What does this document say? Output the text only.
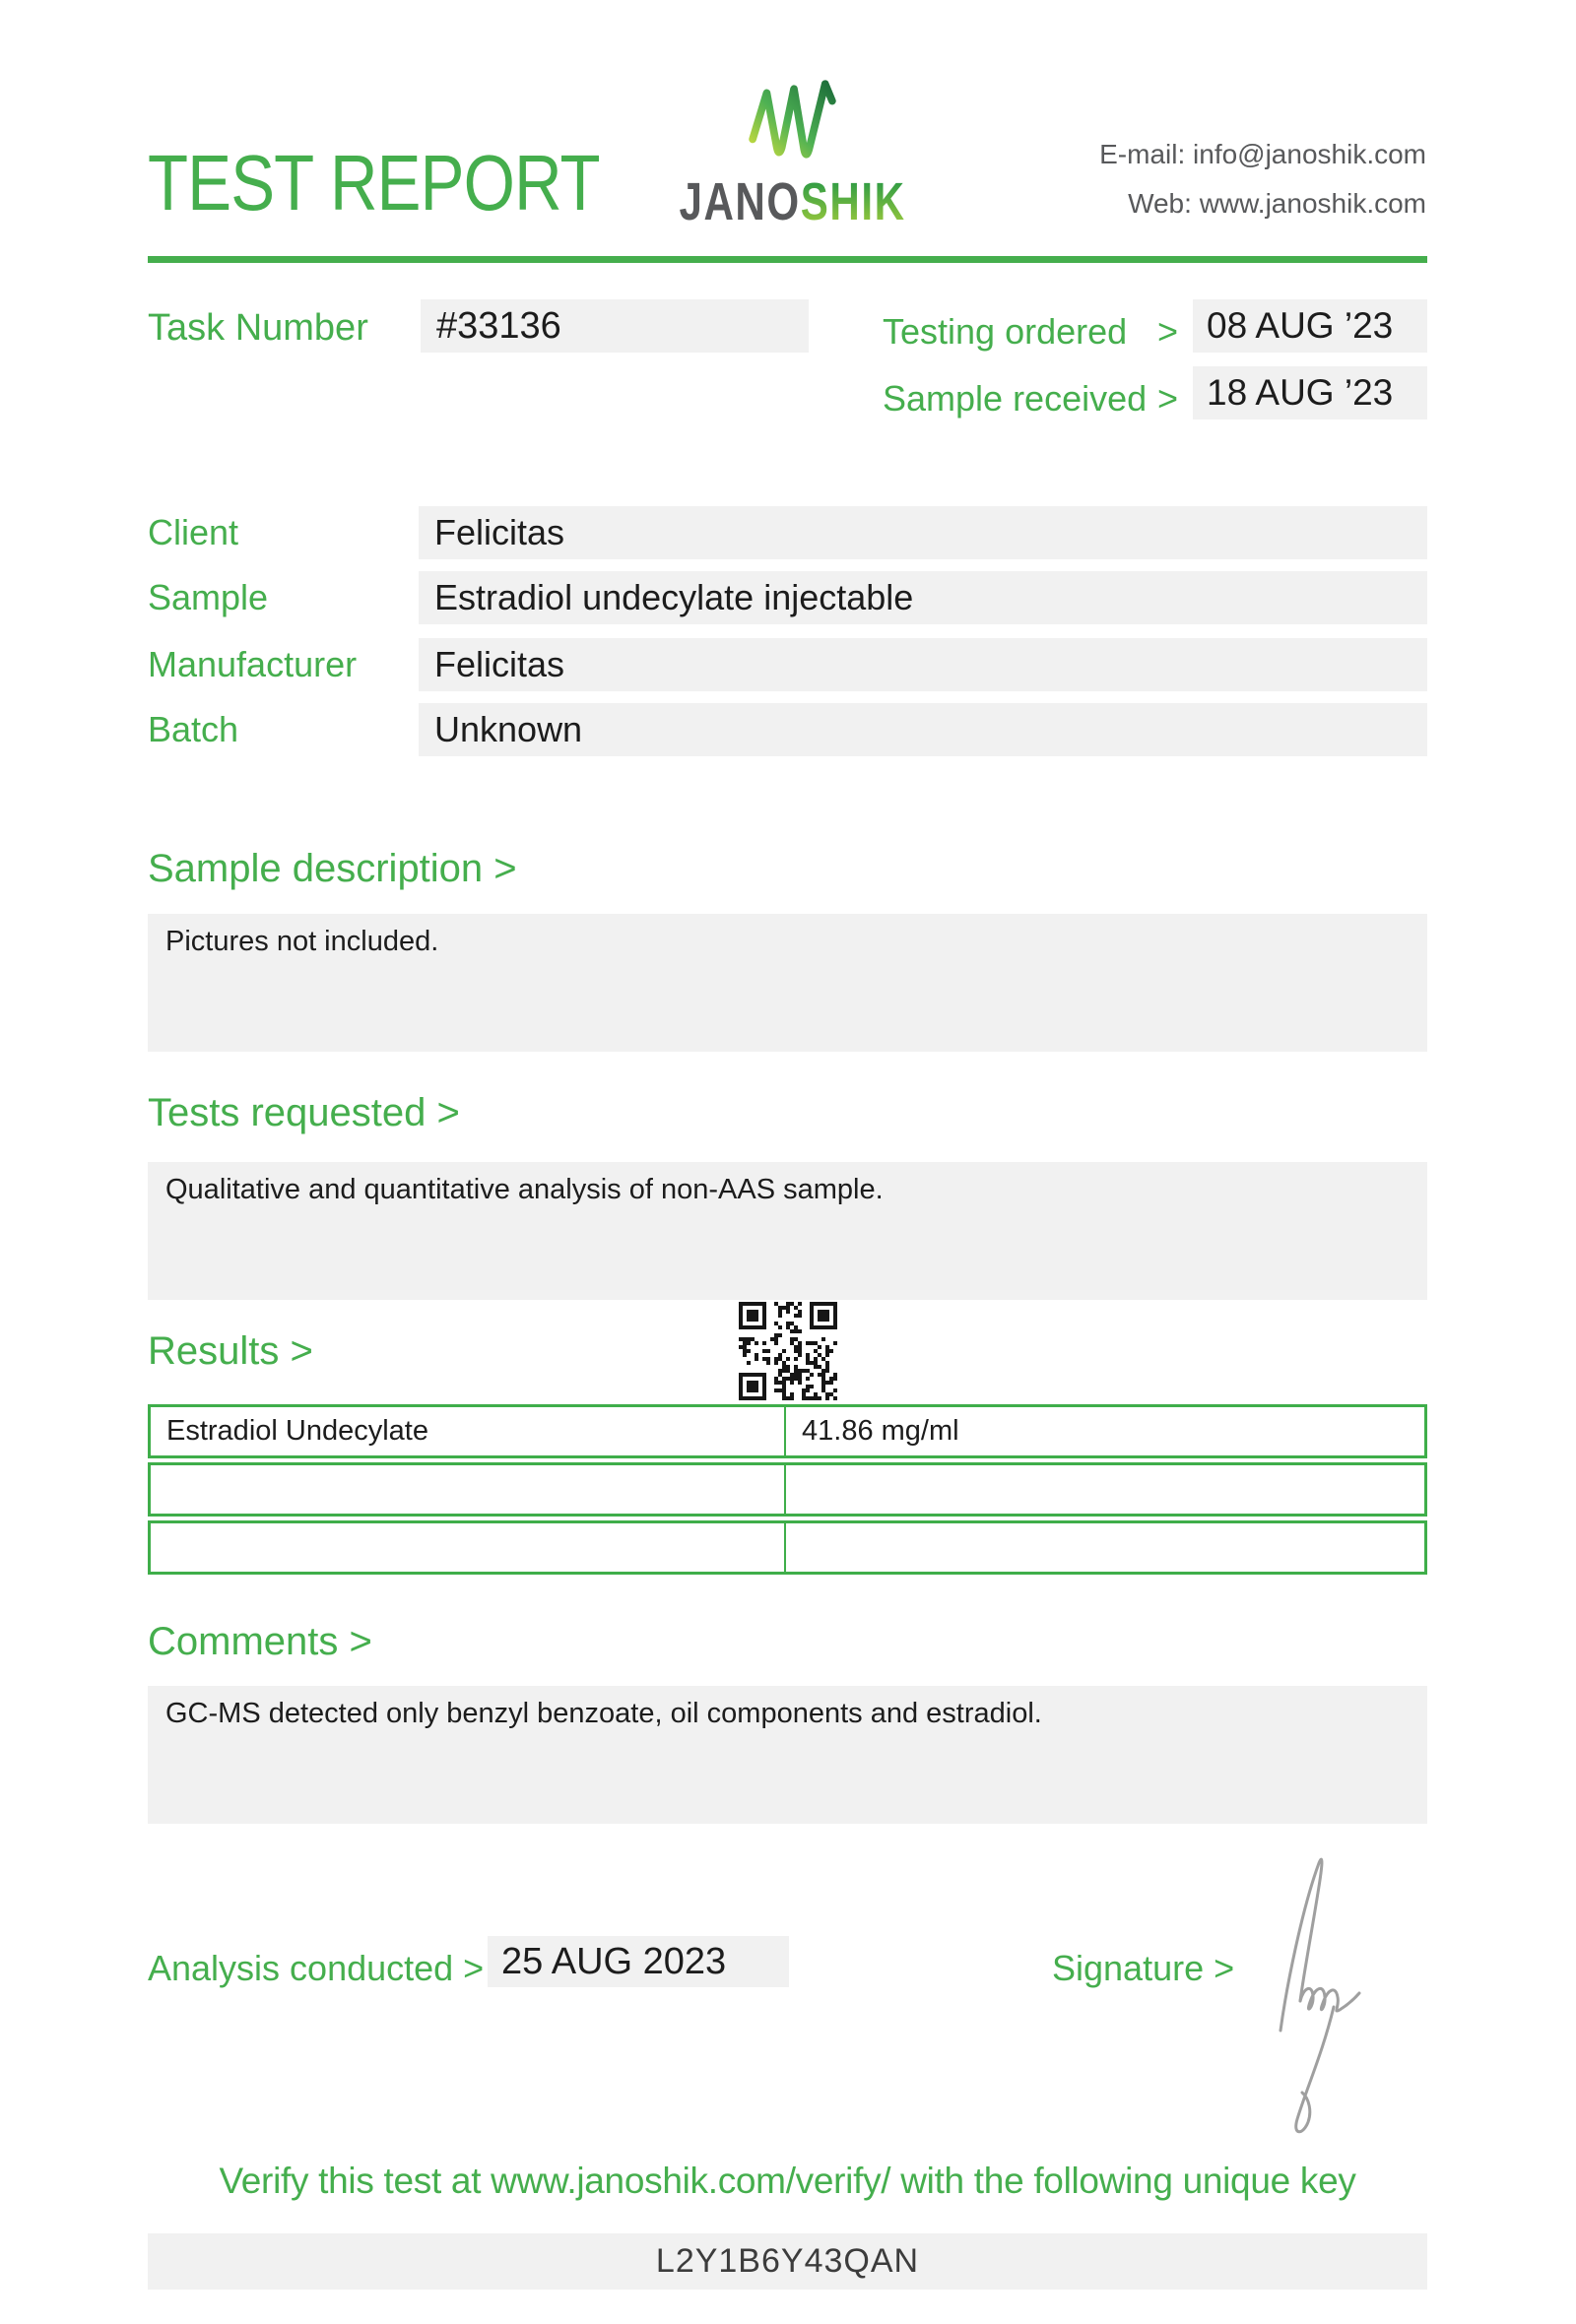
TEST REPORT	JANOSHIK
E-mail: info@janoshik.com
Web: www.janoshik.com
Task Number	#33136	Testing ordered > 08 AUG ’23
Sample received > 18 AUG ’23
Client	Felicitas
Sample	Estradiol undecylate injectable
Manufacturer	Felicitas
Batch	Unknown
Sample description >
Pictures not included.
Tests requested >
Qualitative and quantitative analysis of non-AAS sample.
Results >
Estradiol Undecylate	41.86 mg/ml
Comments >
GC-MS detected only benzyl benzoate, oil components and estradiol.
Analysis conducted > 25 AUG 2023	Signature >
Verify this test at www.janoshik.com/verify/ with the following unique key
L2Y1B6Y43QAN
